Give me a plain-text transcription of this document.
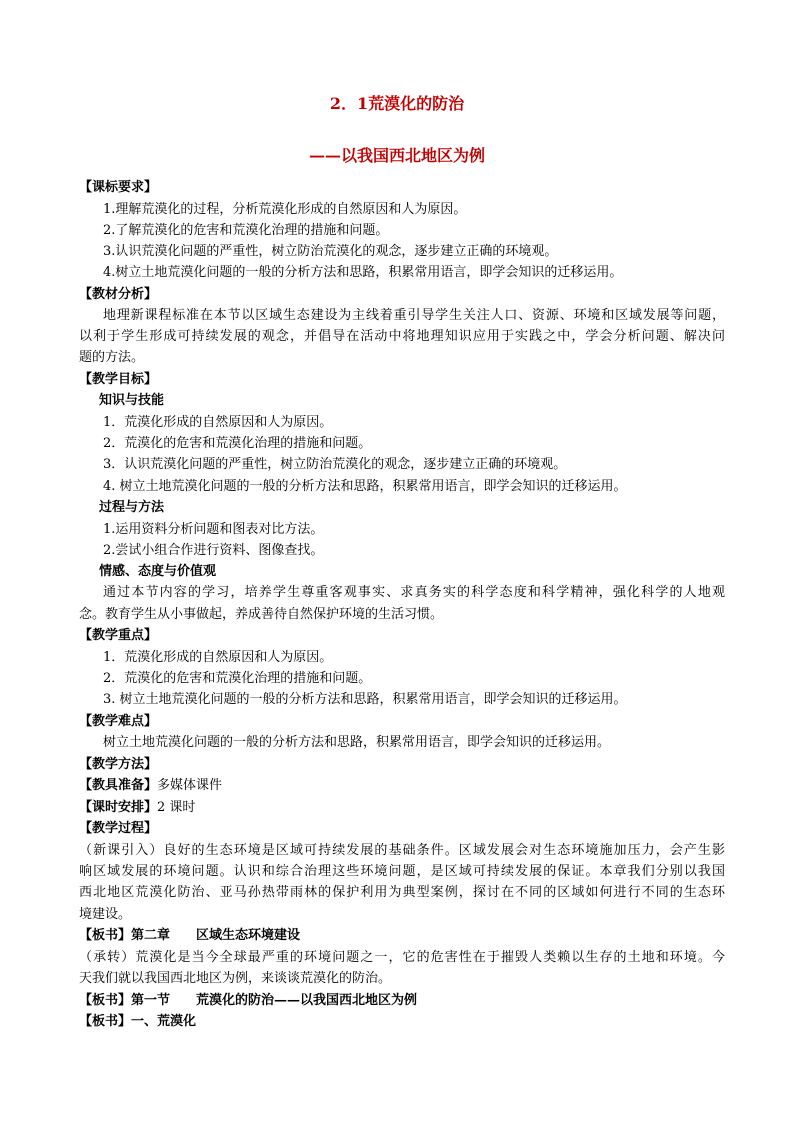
2．1荒漠化的防治
——以我国西北地区为例
【课标要求】
1.理解荒漠化的过程，分析荒漠化形成的自然原因和人为原因。
2.了解荒漠化的危害和荒漠化治理的措施和问题。
3.认识荒漠化问题的严重性，树立防治荒漠化的观念，逐步建立正确的环境观。
4.树立土地荒漠化问题的一般的分析方法和思路，积累常用语言，即学会知识的迁移运用。
【教材分析】
地理新课程标准在本节以区域生态建设为主线着重引导学生关注人口、资源、环境和区域发展等问题，
以利于学生形成可持续发展的观念，并倡导在活动中将地理知识应用于实践之中，学会分析问题、解决问
题的方法。
【教学目标】
知识与技能
1．荒漠化形成的自然原因和人为原因。
2．荒漠化的危害和荒漠化治理的措施和问题。
3．认识荒漠化问题的严重性，树立防治荒漠化的观念，逐步建立正确的环境观。
4. 树立土地荒漠化问题的一般的分析方法和思路，积累常用语言，即学会知识的迁移运用。
过程与方法
1.运用资料分析问题和图表对比方法。
2.尝试小组合作进行资料、图像查找。
情感、态度与价值观
通过本节内容的学习，培养学生尊重客观事实、求真务实的科学态度和科学精神，强化科学的人地观
念。教育学生从小事做起，养成善待自然保护环境的生活习惯。
【教学重点】
1．荒漠化形成的自然原因和人为原因。
2．荒漠化的危害和荒漠化治理的措施和问题。
3. 树立土地荒漠化问题的一般的分析方法和思路，积累常用语言，即学会知识的迁移运用。
【教学难点】
树立土地荒漠化问题的一般的分析方法和思路，积累常用语言，即学会知识的迁移运用。
【教学方法】
【教具准备】多媒体课件
【课时安排】2 课时
【教学过程】
（新课引入）良好的生态环境是区域可持续发展的基础条件。区域发展会对生态环境施加压力，会产生影
响区域发展的环境问题。认识和综合治理这些环境问题，是区域可持续发展的保证。本章我们分别以我国
西北地区荒漠化防治、亚马孙热带雨林的保护利用为典型案例，探讨在不同的区域如何进行不同的生态环
境建设。
【板书】第二章　　区域生态环境建设
（承转）荒漠化是当今全球最严重的环境问题之一，它的危害性在于摧毁人类赖以生存的土地和环境。今
天我们就以我国西北地区为例，来谈谈荒漠化的防治。
【板书】第一节　　荒漠化的防治——以我国西北地区为例
【板书】一、荒漠化
